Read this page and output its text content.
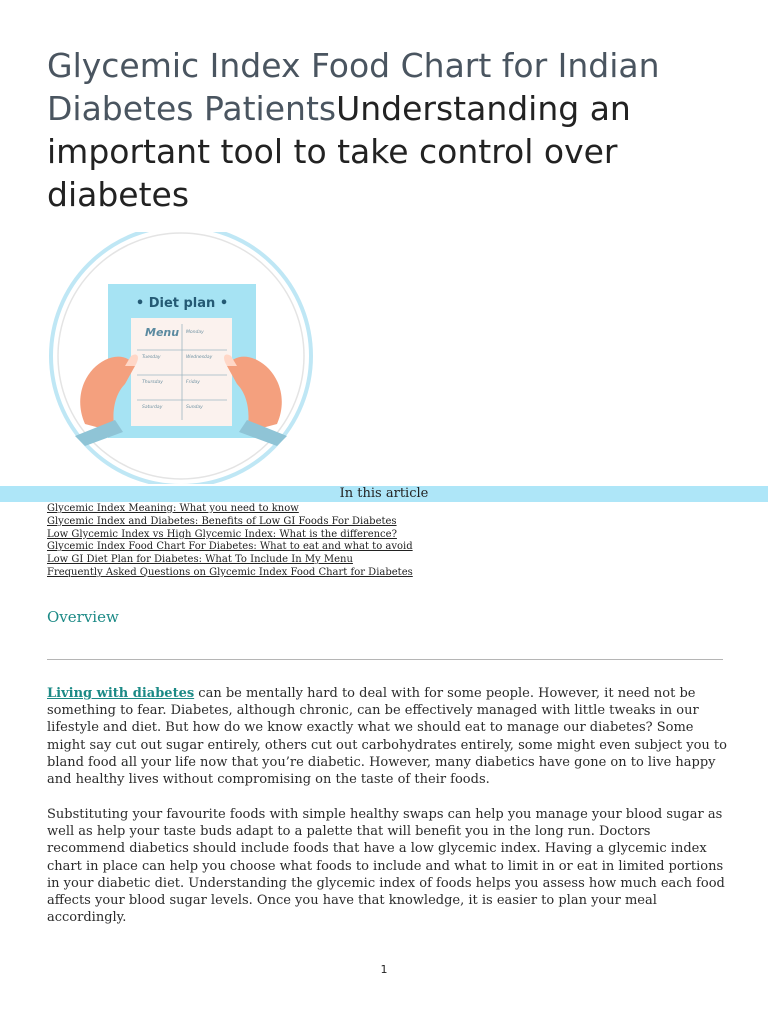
Glycemic Index Food Chart for Indian Diabetes PatientsUnderstanding an important tool to take control over diabetes
• Diet plan •
Menu Monday
Tuesday	Wednesday
Thursday	Friday
Saturday	Sunday
In this article
Glycemic Index Meaning: What you need to know
Glycemic Index and Diabetes: Benefits of Low GI Foods For Diabetes
Low Glycemic Index vs High Glycemic Index: What is the difference?
Glycemic Index Food Chart For Diabetes: What to eat and what to avoid
Low GI Diet Plan for Diabetes: What To Include In My Menu
Frequently Asked Questions on Glycemic Index Food Chart for Diabetes
Overview

Living with diabetes can be mentally hard to deal with for some people. However, it need not be something to fear. Diabetes, although chronic, can be effectively managed with little tweaks in our lifestyle and diet. But how do we know exactly what we should eat to manage our diabetes? Some might say cut out sugar entirely, others cut out carbohydrates entirely, some might even subject you to bland food all your life now that you’re diabetic. However, many diabetics have gone on to live happy and healthy lives without compromising on the taste of their foods.

Substituting your favourite foods with simple healthy swaps can help you manage your blood sugar as well as help your taste buds adapt to a palette that will benefit you in the long run. Doctors recommend diabetics should include foods that have a low glycemic index. Having a glycemic index chart in place can help you choose what foods to include and what to limit in or eat in limited portions in your diabetic diet. Understanding the glycemic index of foods helps you assess how much each food affects your blood sugar levels. Once you have that knowledge, it is easier to plan your meal accordingly.

1
